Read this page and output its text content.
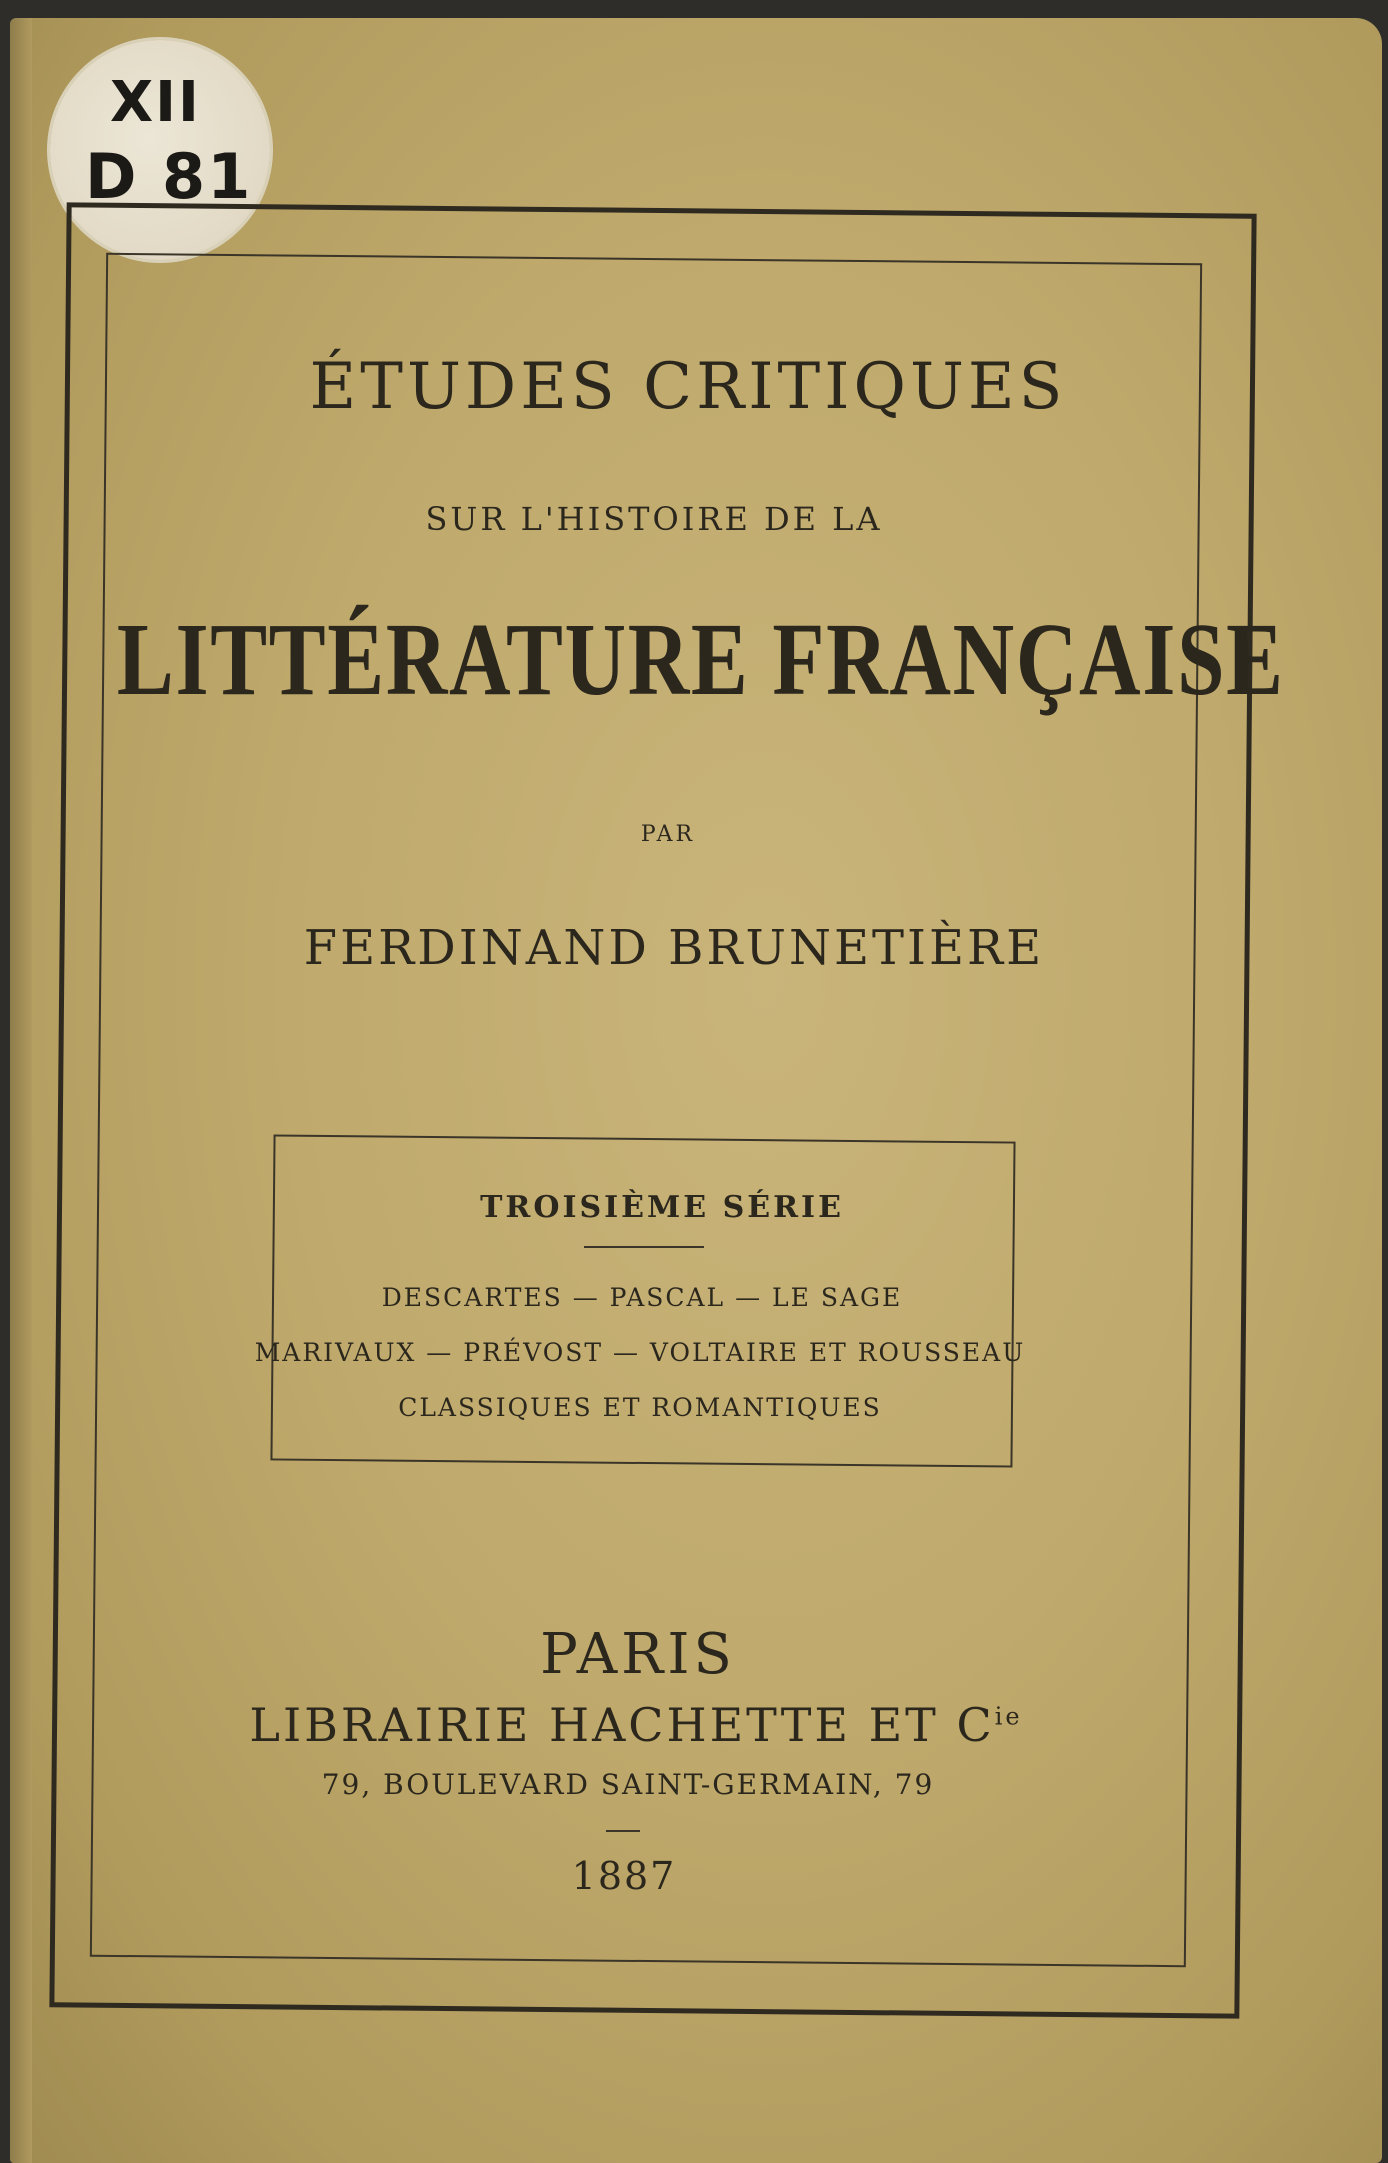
XII
D 81
ÉTUDES CRITIQUES
SUR L'HISTOIRE DE LA
LITTÉRATURE FRANÇAISE
PAR
FERDINAND BRUNETIÈRE
TROISIÈME SÉRIE
DESCARTES — PASCAL — LE SAGE
MARIVAUX — PRÉVOST — VOLTAIRE ET ROUSSEAU
CLASSIQUES ET ROMANTIQUES
PARIS
LIBRAIRIE HACHETTE ET $C^{ie}$
79, BOULEVARD SAINT-GERMAIN, 79
1887
